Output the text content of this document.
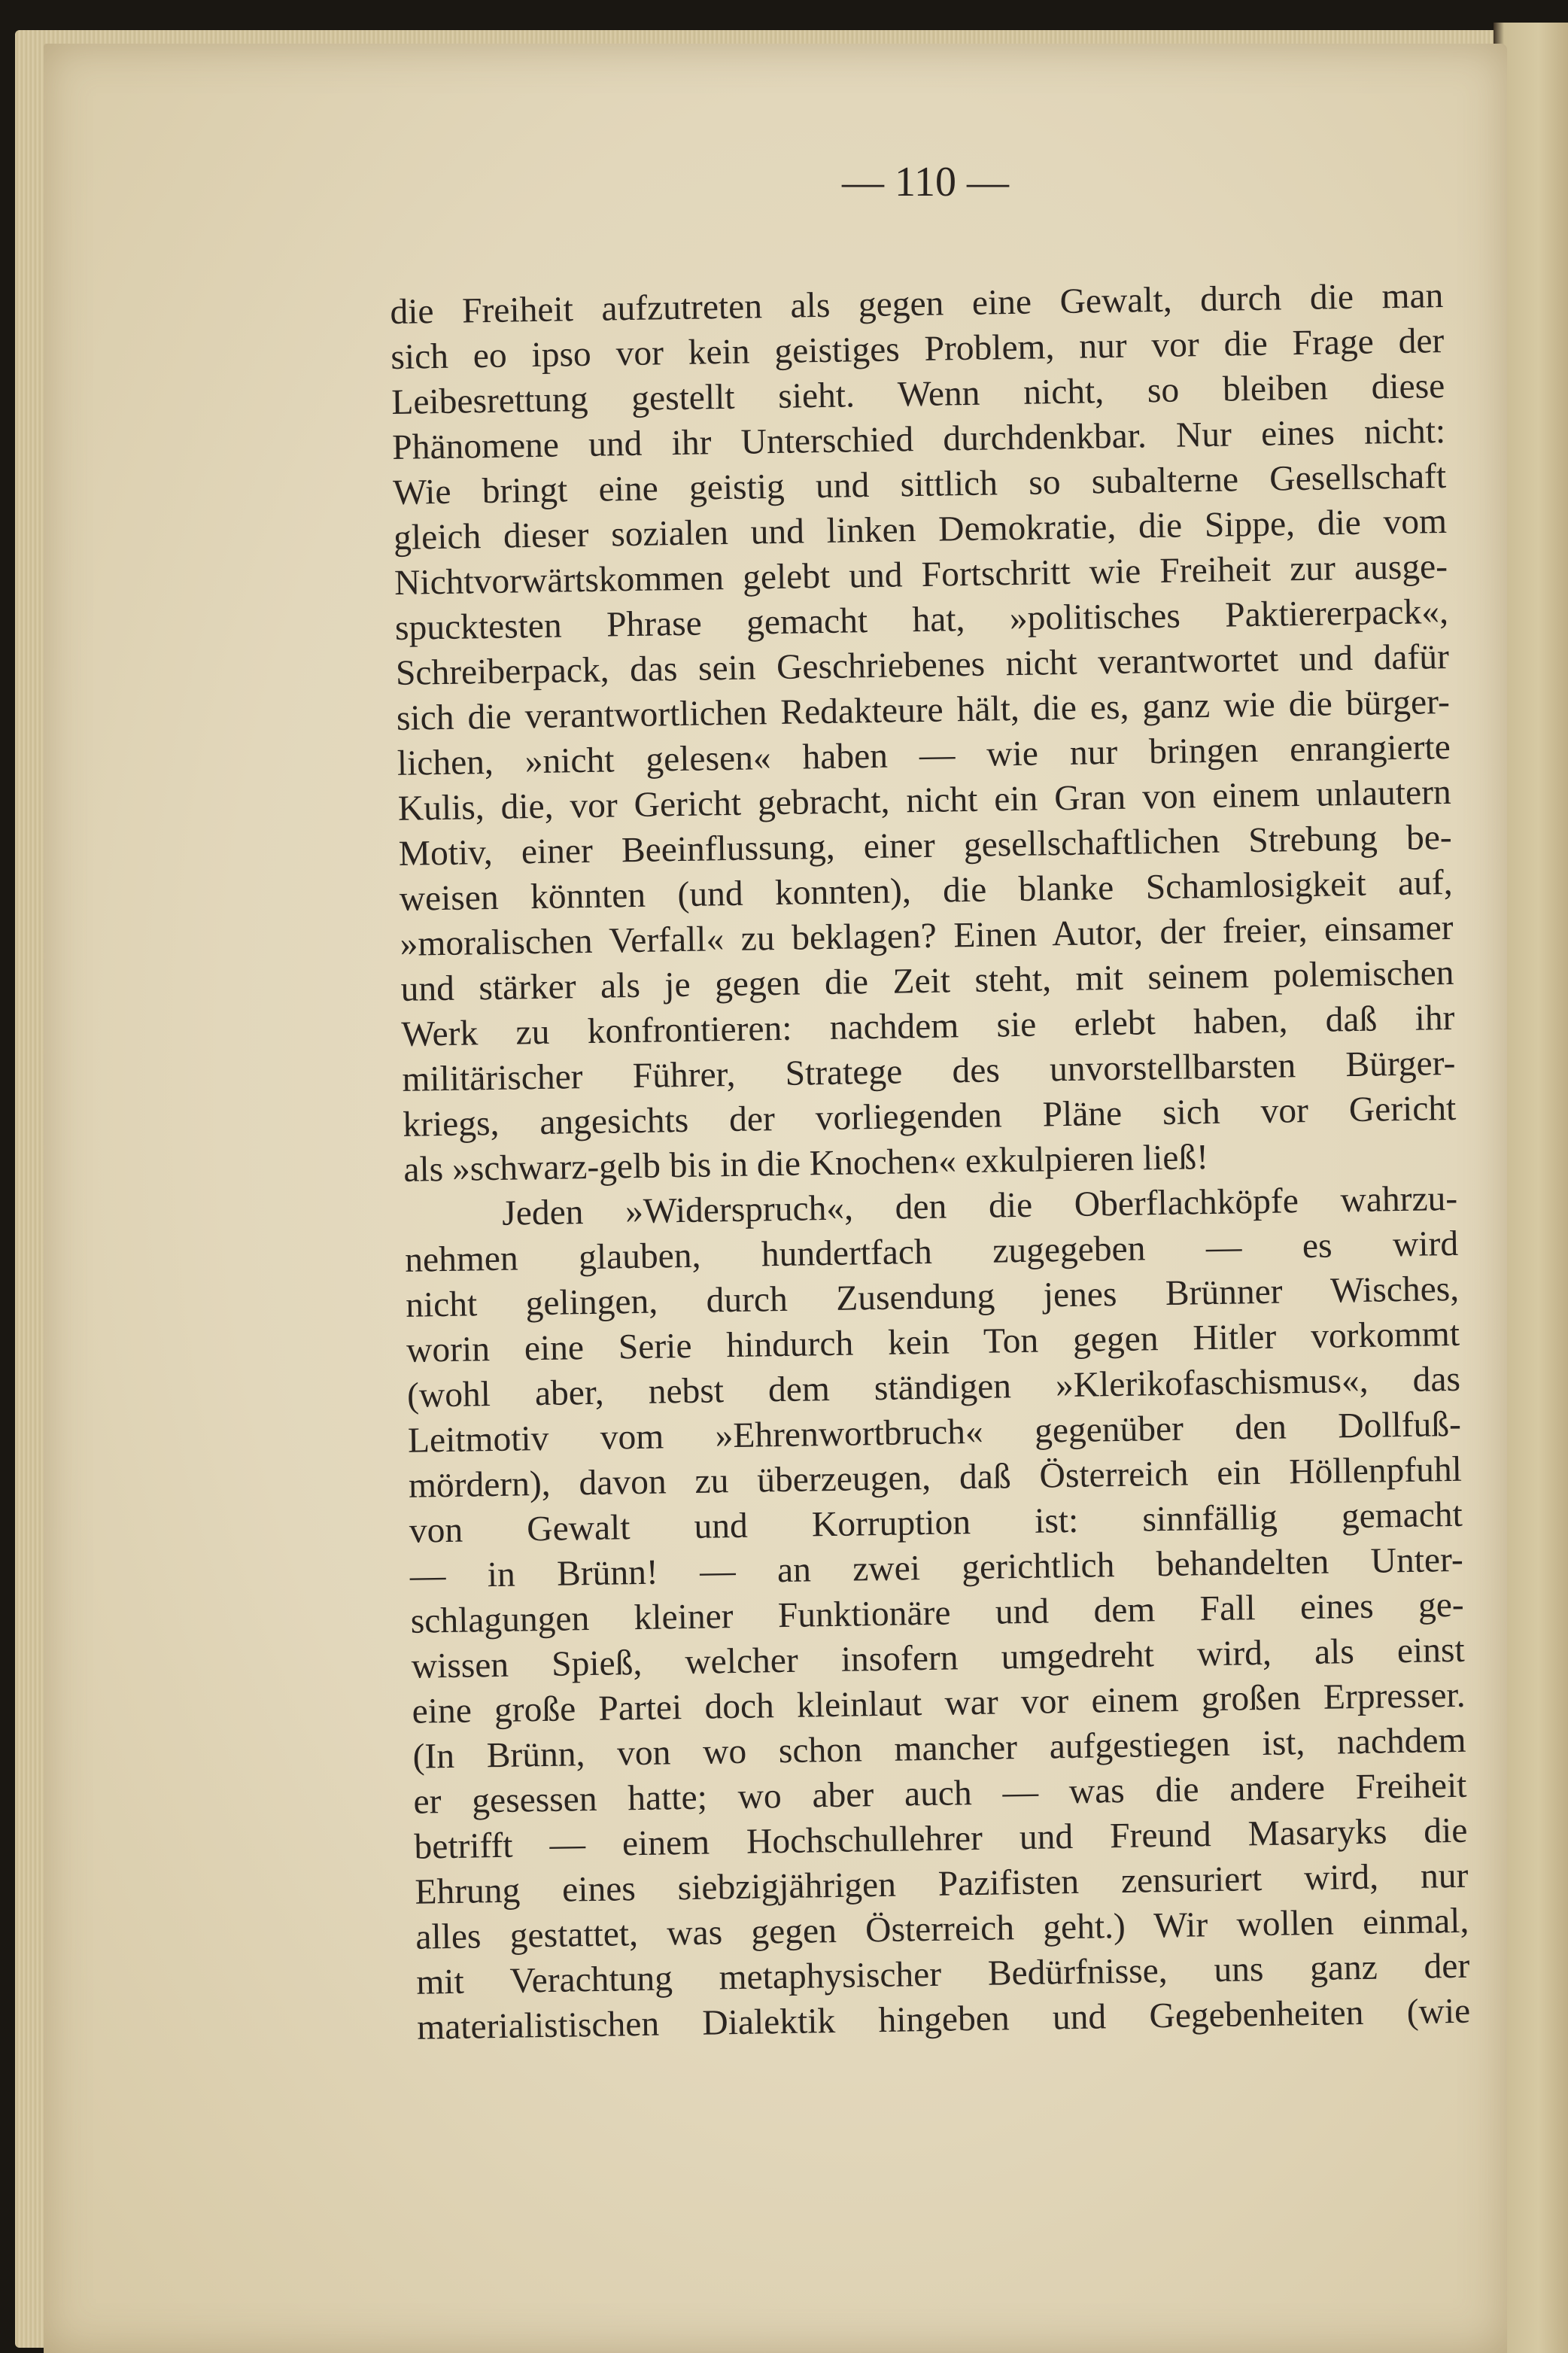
— 110 —
die Freiheit aufzutreten als gegen eine Gewalt, durch die man
sich eo ipso vor kein geistiges Problem, nur vor die Frage der
Leibesrettung gestellt sieht. Wenn nicht, so bleiben diese
Phänomene und ihr Unterschied durchdenkbar. Nur eines nicht:
Wie bringt eine geistig und sittlich so subalterne Gesellschaft
gleich dieser sozialen und linken Demokratie, die Sippe, die vom
Nichtvorwärtskommen gelebt und Fortschritt wie Freiheit zur ausge-
spucktesten Phrase gemacht hat, »politisches Paktiererpack«,
Schreiberpack, das sein Geschriebenes nicht verantwortet und dafür
sich die verantwortlichen Redakteure hält, die es, ganz wie die bürger-
lichen, »nicht gelesen« haben — wie nur bringen enrangierte
Kulis, die, vor Gericht gebracht, nicht ein Gran von einem unlautern
Motiv, einer Beeinflussung, einer gesellschaftlichen Strebung be-
weisen könnten (und konnten), die blanke Schamlosigkeit auf,
»moralischen Verfall« zu beklagen? Einen Autor, der freier, einsamer
und stärker als je gegen die Zeit steht, mit seinem polemischen
Werk zu konfrontieren: nachdem sie erlebt haben, daß ihr
militärischer Führer, Stratege des unvorstellbarsten Bürger-
kriegs, angesichts der vorliegenden Pläne sich vor Gericht
als »schwarz-gelb bis in die Knochen« exkulpieren ließ!
Jeden »Widerspruch«, den die Oberflachköpfe wahrzu-
nehmen glauben, hundertfach zugegeben — es wird
nicht gelingen, durch Zusendung jenes Brünner Wisches,
worin eine Serie hindurch kein Ton gegen Hitler vorkommt
(wohl aber, nebst dem ständigen »Klerikofaschismus«, das
Leitmotiv vom »Ehrenwortbruch« gegenüber den Dollfuß-
mördern), davon zu überzeugen, daß Österreich ein Höllenpfuhl
von Gewalt und Korruption ist: sinnfällig gemacht
— in Brünn! — an zwei gerichtlich behandelten Unter-
schlagungen kleiner Funktionäre und dem Fall eines ge-
wissen Spieß, welcher insofern umgedreht wird, als einst
eine große Partei doch kleinlaut war vor einem großen Erpresser.
(In Brünn, von wo schon mancher aufgestiegen ist, nachdem
er gesessen hatte; wo aber auch — was die andere Freiheit
betrifft — einem Hochschullehrer und Freund Masaryks die
Ehrung eines siebzigjährigen Pazifisten zensuriert wird, nur
alles gestattet, was gegen Österreich geht.) Wir wollen einmal,
mit Verachtung metaphysischer Bedürfnisse, uns ganz der
materialistischen Dialektik hingeben und Gegebenheiten (wie
